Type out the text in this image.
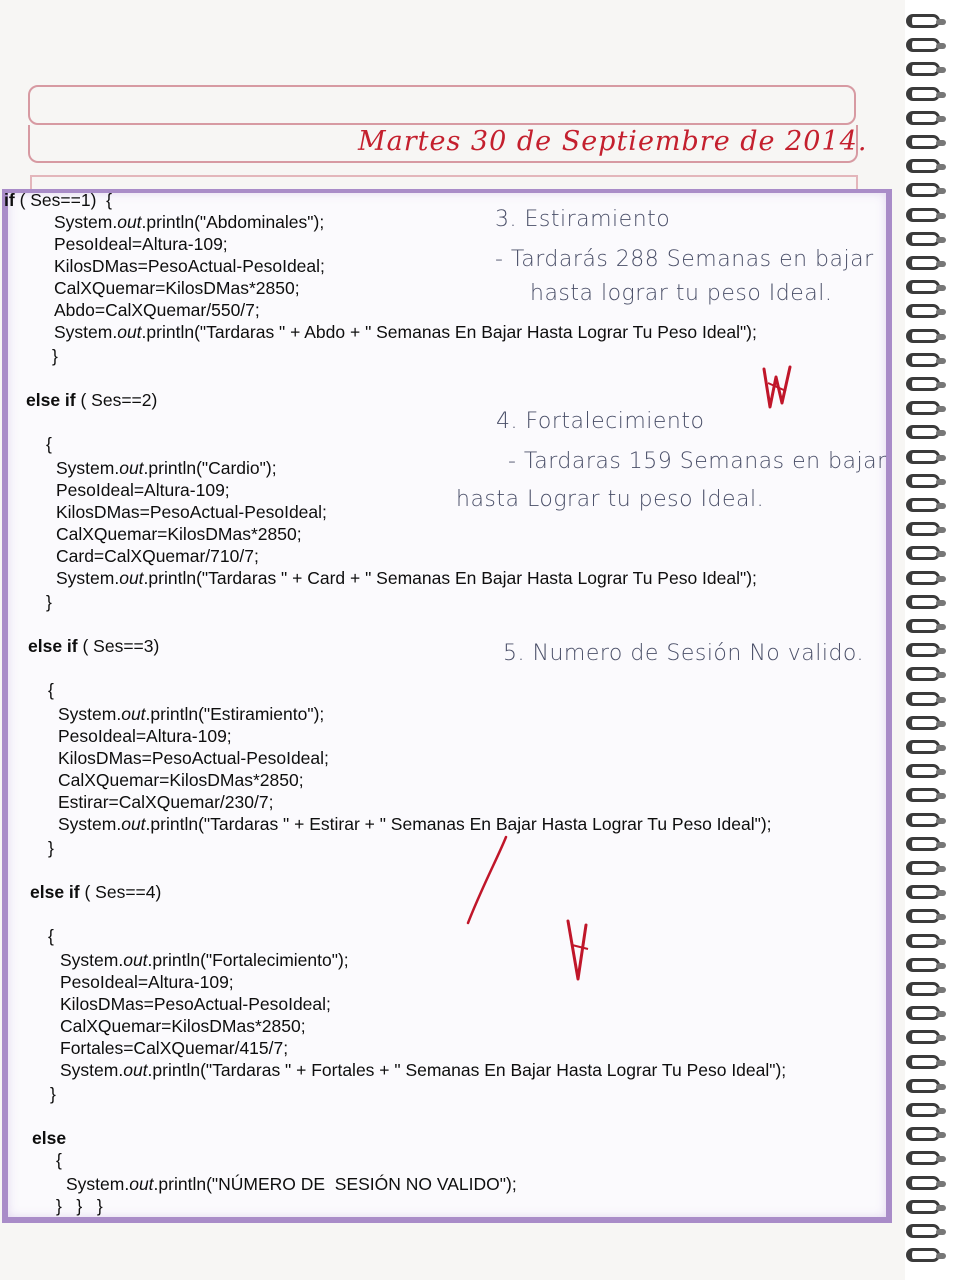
Martes 30 de Septiembre de 2014.
if ( Ses==1)  {
System.out.println("Abdominales");
PesoIdeal=Altura-109;
KilosDMas=PesoActual-PesoIdeal;
CalXQuemar=KilosDMas*2850;
Abdo=CalXQuemar/550/7;
System.out.println("Tardaras " + Abdo + " Semanas En Bajar Hasta Lograr Tu Peso Ideal");
}
else if ( Ses==2)
{
System.out.println("Cardio");
PesoIdeal=Altura-109;
KilosDMas=PesoActual-PesoIdeal;
CalXQuemar=KilosDMas*2850;
Card=CalXQuemar/710/7;
System.out.println("Tardaras " + Card + " Semanas En Bajar Hasta Lograr Tu Peso Ideal");
}
else if ( Ses==3)
{
System.out.println("Estiramiento");
PesoIdeal=Altura-109;
KilosDMas=PesoActual-PesoIdeal;
CalXQuemar=KilosDMas*2850;
Estirar=CalXQuemar/230/7;
System.out.println("Tardaras " + Estirar + " Semanas En Bajar Hasta Lograr Tu Peso Ideal");
}
else if ( Ses==4)
{
System.out.println("Fortalecimiento");
PesoIdeal=Altura-109;
KilosDMas=PesoActual-PesoIdeal;
CalXQuemar=KilosDMas*2850;
Fortales=CalXQuemar/415/7;
System.out.println("Tardaras " + Fortales + " Semanas En Bajar Hasta Lograr Tu Peso Ideal");
}
else
{
System.out.println("NÚMERO DE  SESIÓN NO VALIDO");
}   }   }
3. Estiramiento
- Tardarás 288 Semanas en bajar
hasta lograr tu peso Ideal.
4. Fortalecimiento
- Tardaras 159 Semanas en bajar
hasta Lograr tu peso Ideal.
5. Numero de Sesión No valido.
